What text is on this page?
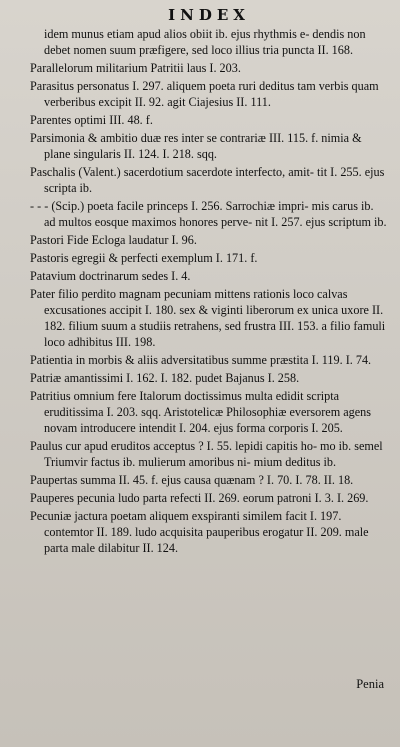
INDEX

idem munus etiam apud alios obiit ib. ejus rhythmis e- dendis non debet nomen suum præfigere, sed loco illius tria puncta II. 168.

Parallelorum militarium Patritii laus I. 203.

Parasitus personatus I. 297. aliquem poeta ruri deditus tam verbis quam verberibus excipit II. 92. agit Ciajesius II. 111.

Parentes optimi III. 48. f.

Parsimonia & ambitio duæ res inter se contrariæ III. 115. f. nimia & plane singularis II. 124. I. 218. sqq.

Paschalis (Valent.) sacerdotium sacerdote interfecto, amit- tit I. 255. ejus scripta ib.

- - - (Scip.) poeta facile princeps I. 256. Sarrochiæ impri- mis carus ib. ad multos eosque maximos honores perve- nit I. 257. ejus scriptum ib.

Pastori Fide Ecloga laudatur I. 96.

Pastoris egregii & perfecti exemplum I. 171. f.

Patavium doctrinarum sedes I. 4.

Pater filio perdito magnam pecuniam mittens rationis loco calvas excusationes accipit I. 180. sex & viginti liberorum ex unica uxore II. 182. filium suum a studiis retrahens, sed frustra III. 153. a filio famuli loco adhibitus III. 198.

Patientia in morbis & aliis adversitatibus summe præstita I. 119. I. 74.

Patriæ amantissimi I. 162. I. 182. pudet Bajanus I. 258.

Patritius omnium fere Italorum doctissimus multa edidit scripta eruditissima I. 203. sqq. Aristotelicæ Philosophiæ eversorem agens novam introducere intendit I. 204. ejus forma corporis I. 205.

Paulus cur apud eruditos acceptus ? I. 55. lepidi capitis ho- mo ib. semel Triumvir factus ib. mulierum amoribus ni- mium deditus ib.

Paupertas summa II. 45. f. ejus causa quænam ? I. 70. I. 78. II. 18.

Pauperes pecunia ludo parta refecti II. 269. eorum patroni I. 3. I. 269.

Pecuniæ jactura poetam aliquem exspiranti similem facit I. 197. contemtor II. 189. ludo acquisita pauperibus erogatur II. 209. male parta male dilabitur II. 124.

Penia
